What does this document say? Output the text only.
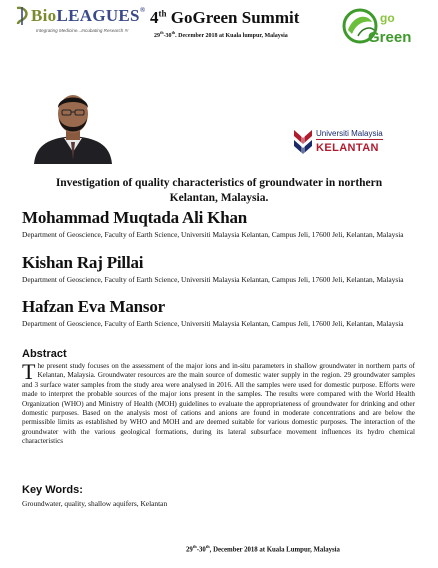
BioLEAGUES®
Integrating Medicine...Incubating Research !!!
4th GoGreen Summit
29th-30th. December 2018 at Kuala lumpur, Malaysia
go
Green
Universiti Malaysia
KELANTAN
Investigation of quality characteristics of groundwater in northern Kelantan, Malaysia.
Mohammad Muqtada Ali Khan
Department of Geoscience, Faculty of Earth Science, Universiti Malaysia Kelantan, Campus Jeli, 17600 Jeli, Kelantan, Malaysia
Kishan Raj Pillai
Department of Geoscience, Faculty of Earth Science, Universiti Malaysia Kelantan, Campus Jeli, 17600 Jeli, Kelantan, Malaysia
Hafzan Eva Mansor
Department of Geoscience, Faculty of Earth Science, Universiti Malaysia Kelantan, Campus Jeli, 17600 Jeli, Kelantan, Malaysia
Abstract
The present study focuses on the assessment of the major ions and in-situ parameters in shallow groundwater in northern parts of Kelantan, Malaysia. Groundwater resources are the main source of domestic water supply in the region. 29 groundwater samples and 3 surface water samples from the study area were analysed in 2016. All the samples were used for domestic purpose. Efforts were made to interpret the probable sources of the major ions present in the samples. The results were compared with the World Health Organization (WHO) and Ministry of Health (MOH) guidelines to evaluate the appropriateness of groundwater for drinking and other domestic purposes. Based on the analysis most of cations and anions are found in moderate concentrations and are below the permissible limits as established by WHO and MOH and are deemed suitable for various domestic purposes. The interaction of the groundwater with the various geological formations, during its lateral subsurface movement influences its hydro chemical characteristics
Key Words:
Groundwater, quality, shallow aquifers, Kelantan
29th-30th, December 2018 at Kuala Lumpur, Malaysia
